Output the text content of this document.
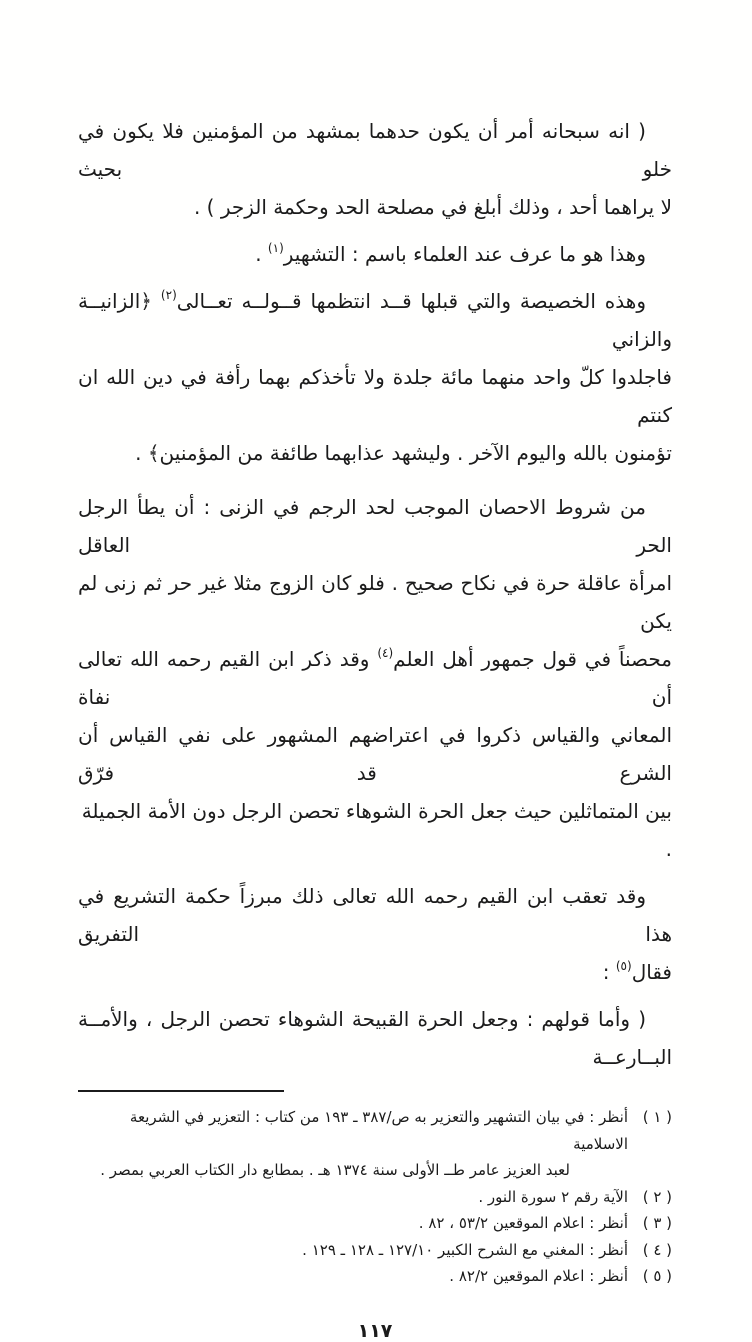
( انه سبحانه أمر أن يكون حدهما بمشهد من المؤمنين فلا يكون في خلو بحيث
لا يراهما أحد ، وذلك أبلغ في مصلحة الحد وحكمة الزجر ) .

وهذا هو ما عرف عند العلماء باسم : التشهير$^{(١)}$ .

وهذه الخصيصة والتي قبلها قــد انتظمها قــولــه تعــالى$^{(٢)}$ ﴿الزانيــة والزاني
فاجلدوا كلّ واحد منهما مائة جلدة ولا تأخذكم بهما رأفة في دين الله ان كنتم
تؤمنون بالله واليوم الآخر . وليشهد عذابهما طائفة من المؤمنين﴾ .

من شروط الاحصان الموجب لحد الرجم في الزنى : أن يطأ الرجل الحر العاقل
امرأة عاقلة حرة في نكاح صحيح . فلو كان الزوج مثلا غير حر ثم زنى لم يكن
محصناً في قول جمهور أهل العلم$^{(٤)}$ وقد ذكر ابن القيم رحمه الله تعالى أن نفاة
المعاني والقياس ذكروا في اعتراضهم المشهور على نفي القياس أن الشرع قد فرّق
بين المتماثلين حيث جعل الحرة الشوهاء تحصن الرجل دون الأمة الجميلة .

وقد تعقب ابن القيم رحمه الله تعالى ذلك مبرزاً حكمة التشريع في هذا التفريق
فقال$^{(٥)}$ :

( وأما قولهم : وجعل الحرة القبيحة الشوهاء تحصن الرجل ، والأمــة البــارعــة

( ١ )
أنظر : في بيان التشهير والتعزير به ص/٣٨٧ ـ ١٩٣ من كتاب : التعزير في الشريعة الاسلامية
لعبد العزيز عامر طــ الأولى سنة ١٣٧٤ هـ . بمطابع دار الكتاب العربي بمصر .
( ٢ )
الآية رقم ٢ سورة النور .
( ٣ )
أنظر : اعلام الموقعين ٥٣/٢ ، ٨٢ .
( ٤ )
أنظر : المغني مع الشرح الكبير ١٢٧/١٠ ـ ١٢٨ ـ ١٢٩ .
( ٥ )
أنظر : اعلام الموقعين ٨٢/٢ .
١١٧
